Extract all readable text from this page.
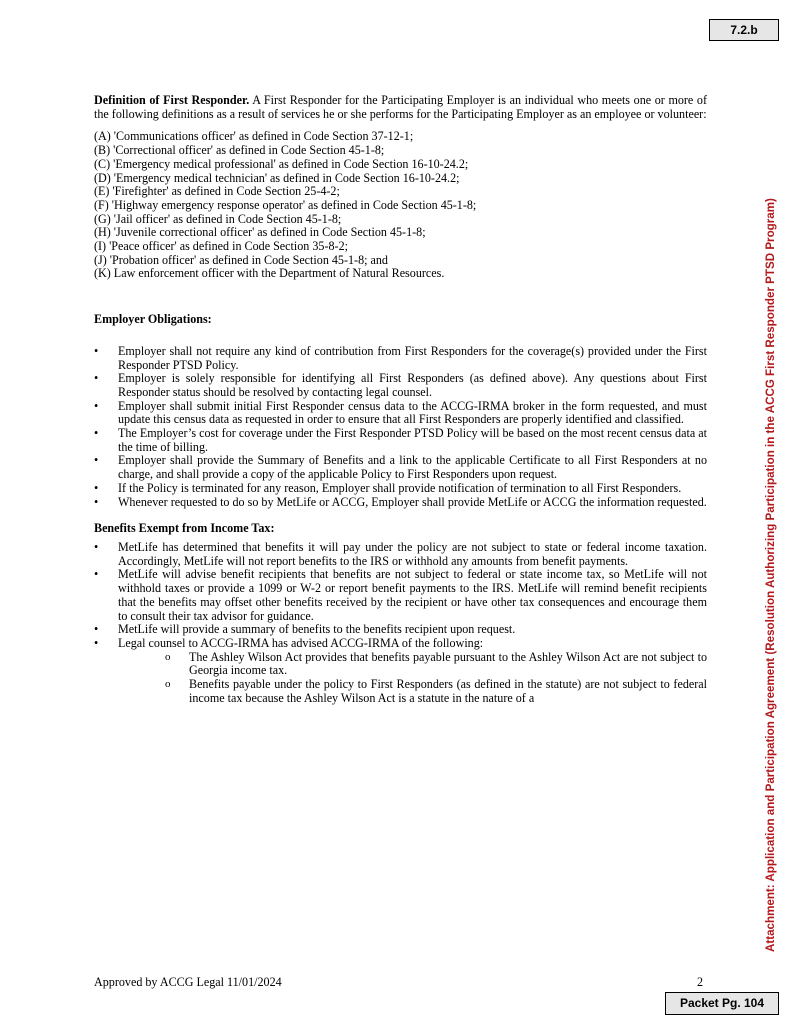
7.2.b
Attachment: Application and Participation Agreement (Resolution Authorizing Participation in the ACCG First Responder PTSD Program)

Definition of First Responder. A First Responder for the Participating Employer is an individual who meets one or more of the following definitions as a result of services he or she performs for the Participating Employer as an employee or volunteer:

(A) 'Communications officer' as defined in Code Section 37-12-1;
(B) 'Correctional officer' as defined in Code Section 45-1-8;
(C) 'Emergency medical professional' as defined in Code Section 16-10-24.2;
(D) 'Emergency medical technician' as defined in Code Section 16-10-24.2;
(E) 'Firefighter' as defined in Code Section 25-4-2;
(F) 'Highway emergency response operator' as defined in Code Section 45-1-8;
(G) 'Jail officer' as defined in Code Section 45-1-8;
(H) 'Juvenile correctional officer' as defined in Code Section 45-1-8;
(I) 'Peace officer' as defined in Code Section 35-8-2;
(J) 'Probation officer' as defined in Code Section 45-1-8; and
(K) Law enforcement officer with the Department of Natural Resources.

Employer Obligations:

• Employer shall not require any kind of contribution from First Responders for the coverage(s) provided under the First Responder PTSD Policy.
• Employer is solely responsible for identifying all First Responders (as defined above). Any questions about First Responder status should be resolved by contacting legal counsel.
• Employer shall submit initial First Responder census data to the ACCG-IRMA broker in the form requested, and must update this census data as requested in order to ensure that all First Responders are properly identified and classified.
• The Employer’s cost for coverage under the First Responder PTSD Policy will be based on the most recent census data at the time of billing.
• Employer shall provide the Summary of Benefits and a link to the applicable Certificate to all First Responders at no charge, and shall provide a copy of the applicable Policy to First Responders upon request.
• If the Policy is terminated for any reason, Employer shall provide notification of termination to all First Responders.
• Whenever requested to do so by MetLife or ACCG, Employer shall provide MetLife or ACCG the information requested.

Benefits Exempt from Income Tax:

• MetLife has determined that benefits it will pay under the policy are not subject to state or federal income taxation. Accordingly, MetLife will not report benefits to the IRS or withhold any amounts from benefit payments.
• MetLife will advise benefit recipients that benefits are not subject to federal or state income tax, so MetLife will not withhold taxes or provide a 1099 or W-2 or report benefit payments to the IRS. MetLife will remind benefit recipients that the benefits may offset other benefits received by the recipient or have other tax consequences and encourage them to consult their tax advisor for guidance.
• MetLife will provide a summary of benefits to the benefits recipient upon request.
• Legal counsel to ACCG-IRMA has advised ACCG-IRMA of the following:
o The Ashley Wilson Act provides that benefits payable pursuant to the Ashley Wilson Act are not subject to Georgia income tax.
o Benefits payable under the policy to First Responders (as defined in the statute) are not subject to federal income tax because the Ashley Wilson Act is a statute in the nature of a
Approved by ACCG Legal 11/01/2024	2
Packet Pg. 104
